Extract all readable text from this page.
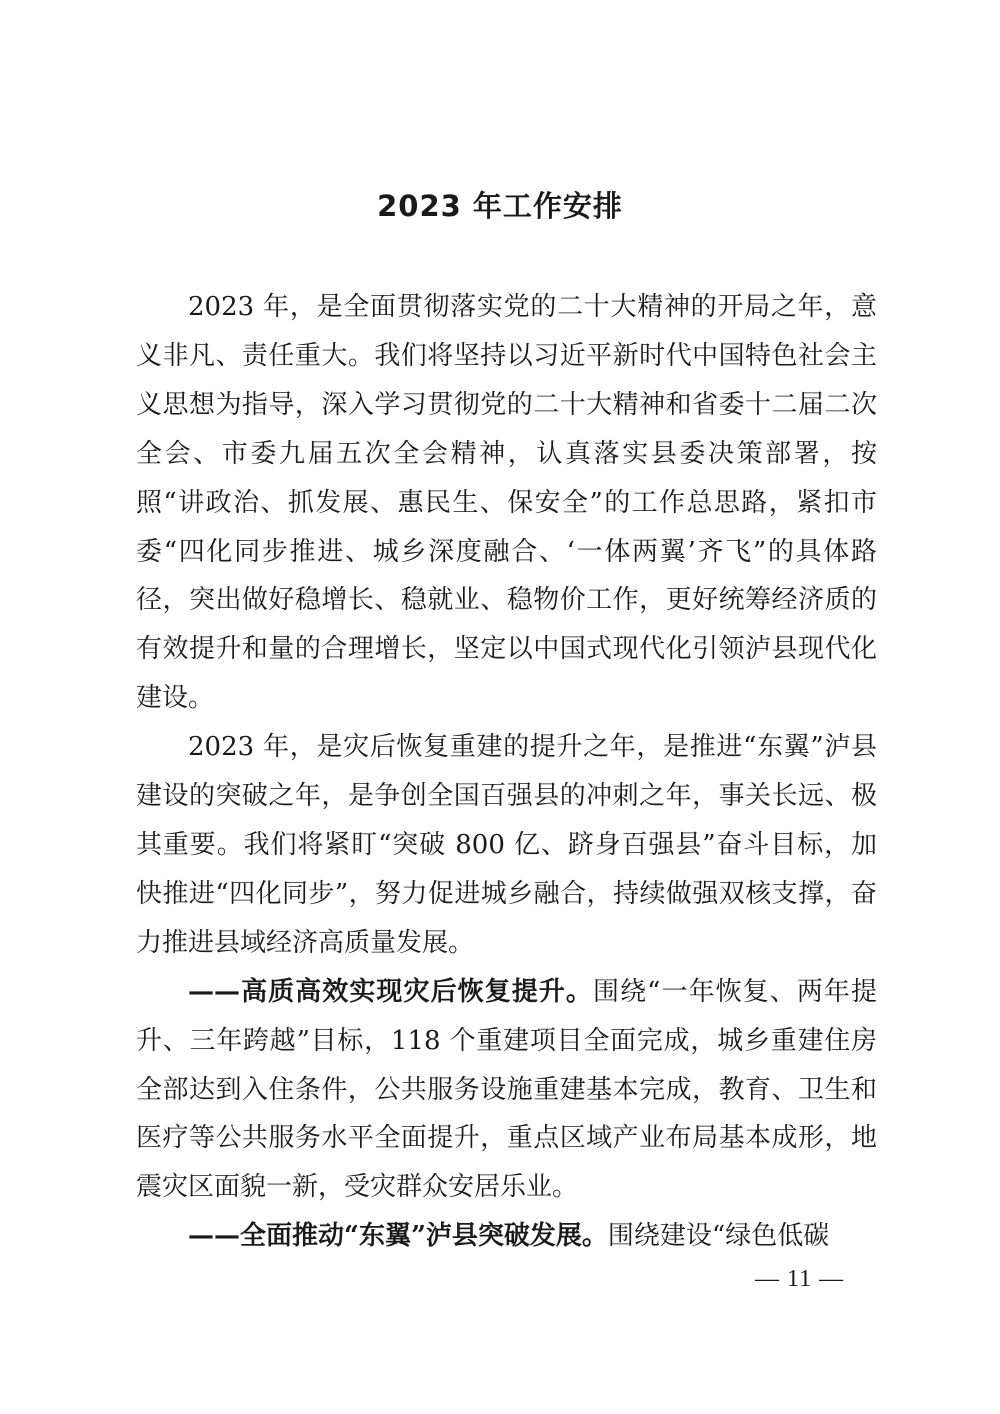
2023 年工作安排

2023 年，是全面贯彻落实党的二十大精神的开局之年，意义非凡、责任重大。我们将坚持以习近平新时代中国特色社会主义思想为指导，深入学习贯彻党的二十大精神和省委十二届二次全会、市委九届五次全会精神，认真落实县委决策部署，按照“讲政治、抓发展、惠民生、保安全”的工作总思路，紧扣市委“四化同步推进、城乡深度融合、‘一体两翼’齐飞”的具体路径，突出做好稳增长、稳就业、稳物价工作，更好统筹经济质的有效提升和量的合理增长，坚定以中国式现代化引领泸县现代化建设。

2023 年，是灾后恢复重建的提升之年，是推进“东翼”泸县建设的突破之年，是争创全国百强县的冲刺之年，事关长远、极其重要。我们将紧盯“突破 800 亿、跻身百强县”奋斗目标，加快推进“四化同步”，努力促进城乡融合，持续做强双核支撑，奋力推进县域经济高质量发展。

——高质高效实现灾后恢复提升。围绕“一年恢复、两年提升、三年跨越”目标，118 个重建项目全面完成，城乡重建住房全部达到入住条件，公共服务设施重建基本完成，教育、卫生和医疗等公共服务水平全面提升，重点区域产业布局基本成形，地震灾区面貌一新，受灾群众安居乐业。

——全面推动“东翼”泸县突破发展。围绕建设“绿色低碳

— 11 —
